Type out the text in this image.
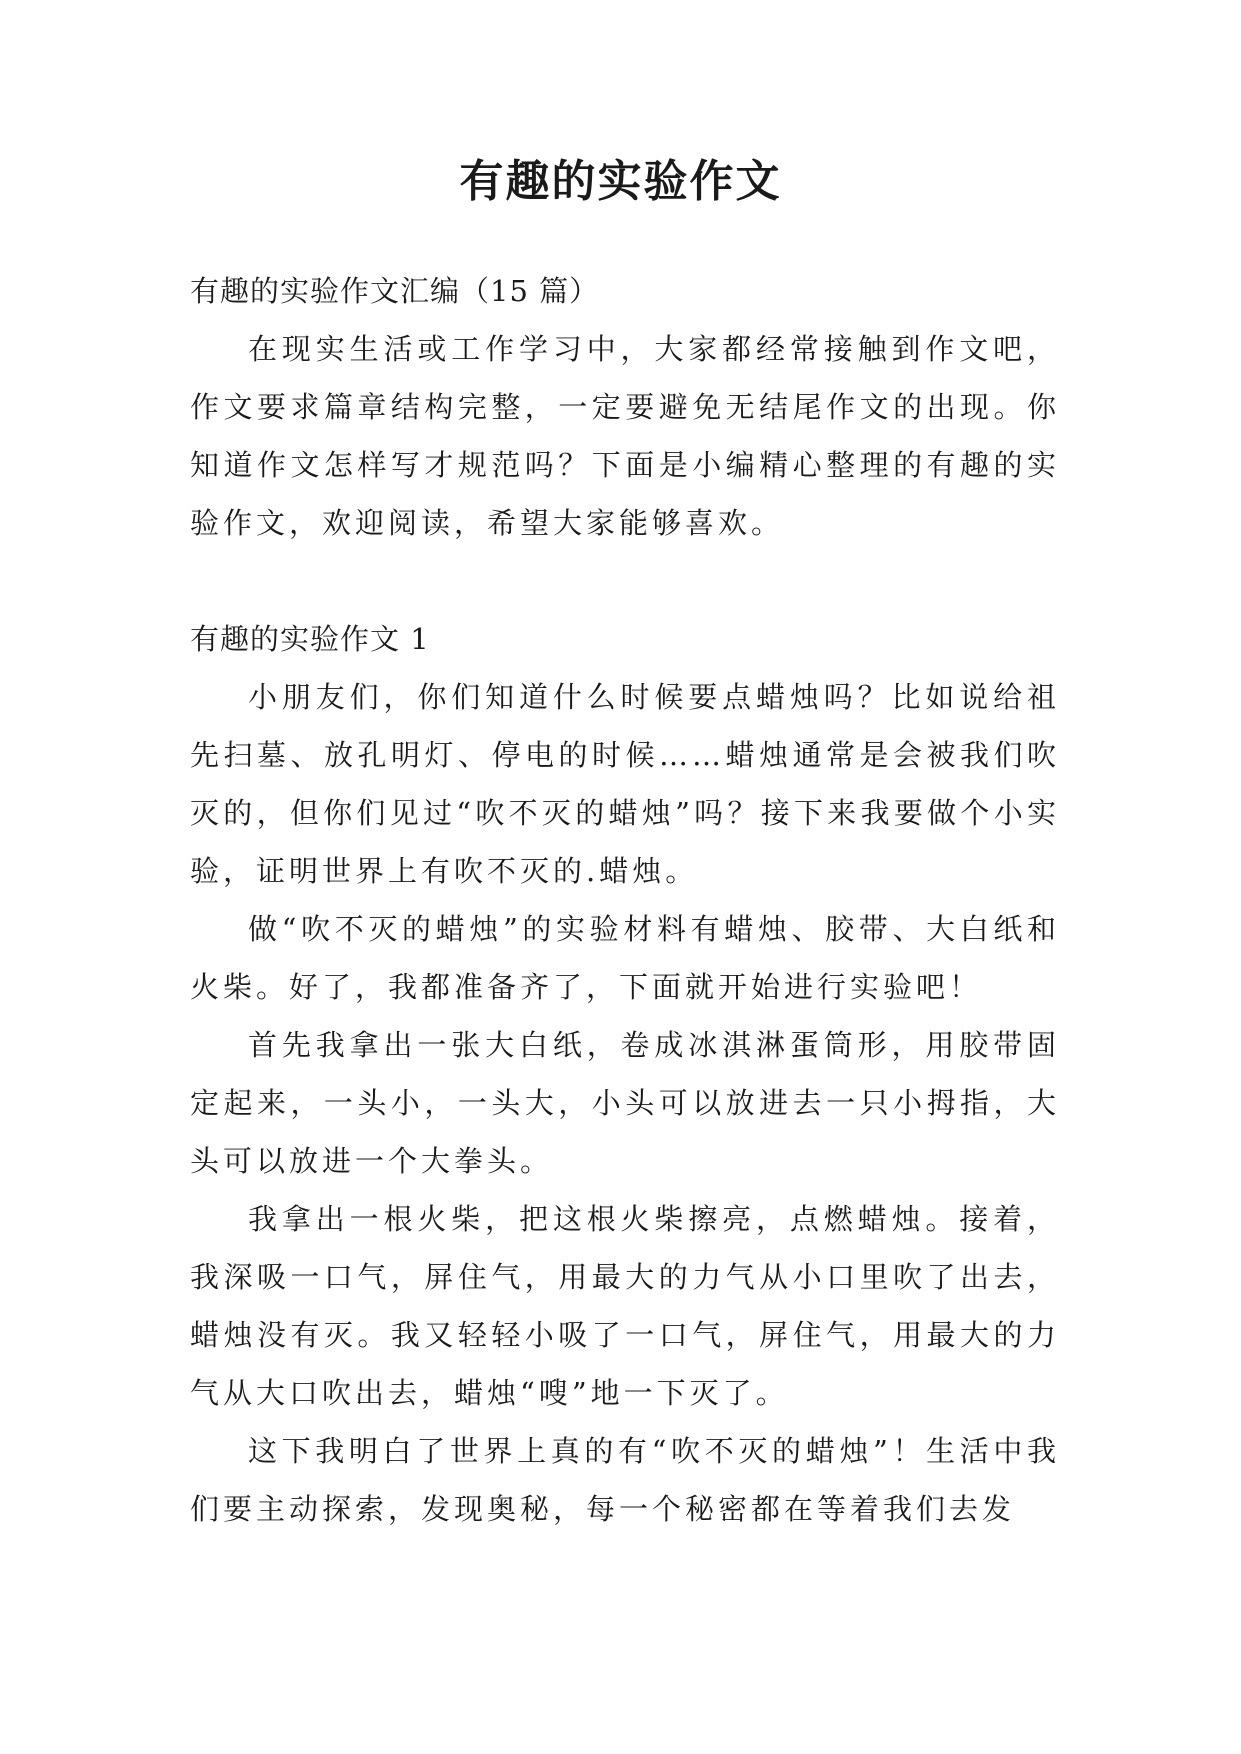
有趣的实验作文

有趣的实验作文汇编（15 篇）

在现实生活或工作学习中，大家都经常接触到作文吧，作文要求篇章结构完整，一定要避免无结尾作文的出现。你知道作文怎样写才规范吗？下面是小编精心整理的有趣的实验作文，欢迎阅读，希望大家能够喜欢。

有趣的实验作文 1

小朋友们，你们知道什么时候要点蜡烛吗？比如说给祖先扫墓、放孔明灯、停电的时候……蜡烛通常是会被我们吹灭的，但你们见过“吹不灭的蜡烛”吗？接下来我要做个小实验，证明世界上有吹不灭的.蜡烛。

做“吹不灭的蜡烛”的实验材料有蜡烛、胶带、大白纸和火柴。好了，我都准备齐了，下面就开始进行实验吧！

首先我拿出一张大白纸，卷成冰淇淋蛋筒形，用胶带固定起来，一头小，一头大，小头可以放进去一只小拇指，大头可以放进一个大拳头。

我拿出一根火柴，把这根火柴擦亮，点燃蜡烛。接着，我深吸一口气，屏住气，用最大的力气从小口里吹了出去，蜡烛没有灭。我又轻轻小吸了一口气，屏住气，用最大的力气从大口吹出去，蜡烛“嗖”地一下灭了。

这下我明白了世界上真的有“吹不灭的蜡烛”！生活中我们要主动探索，发现奥秘，每一个秘密都在等着我们去发
